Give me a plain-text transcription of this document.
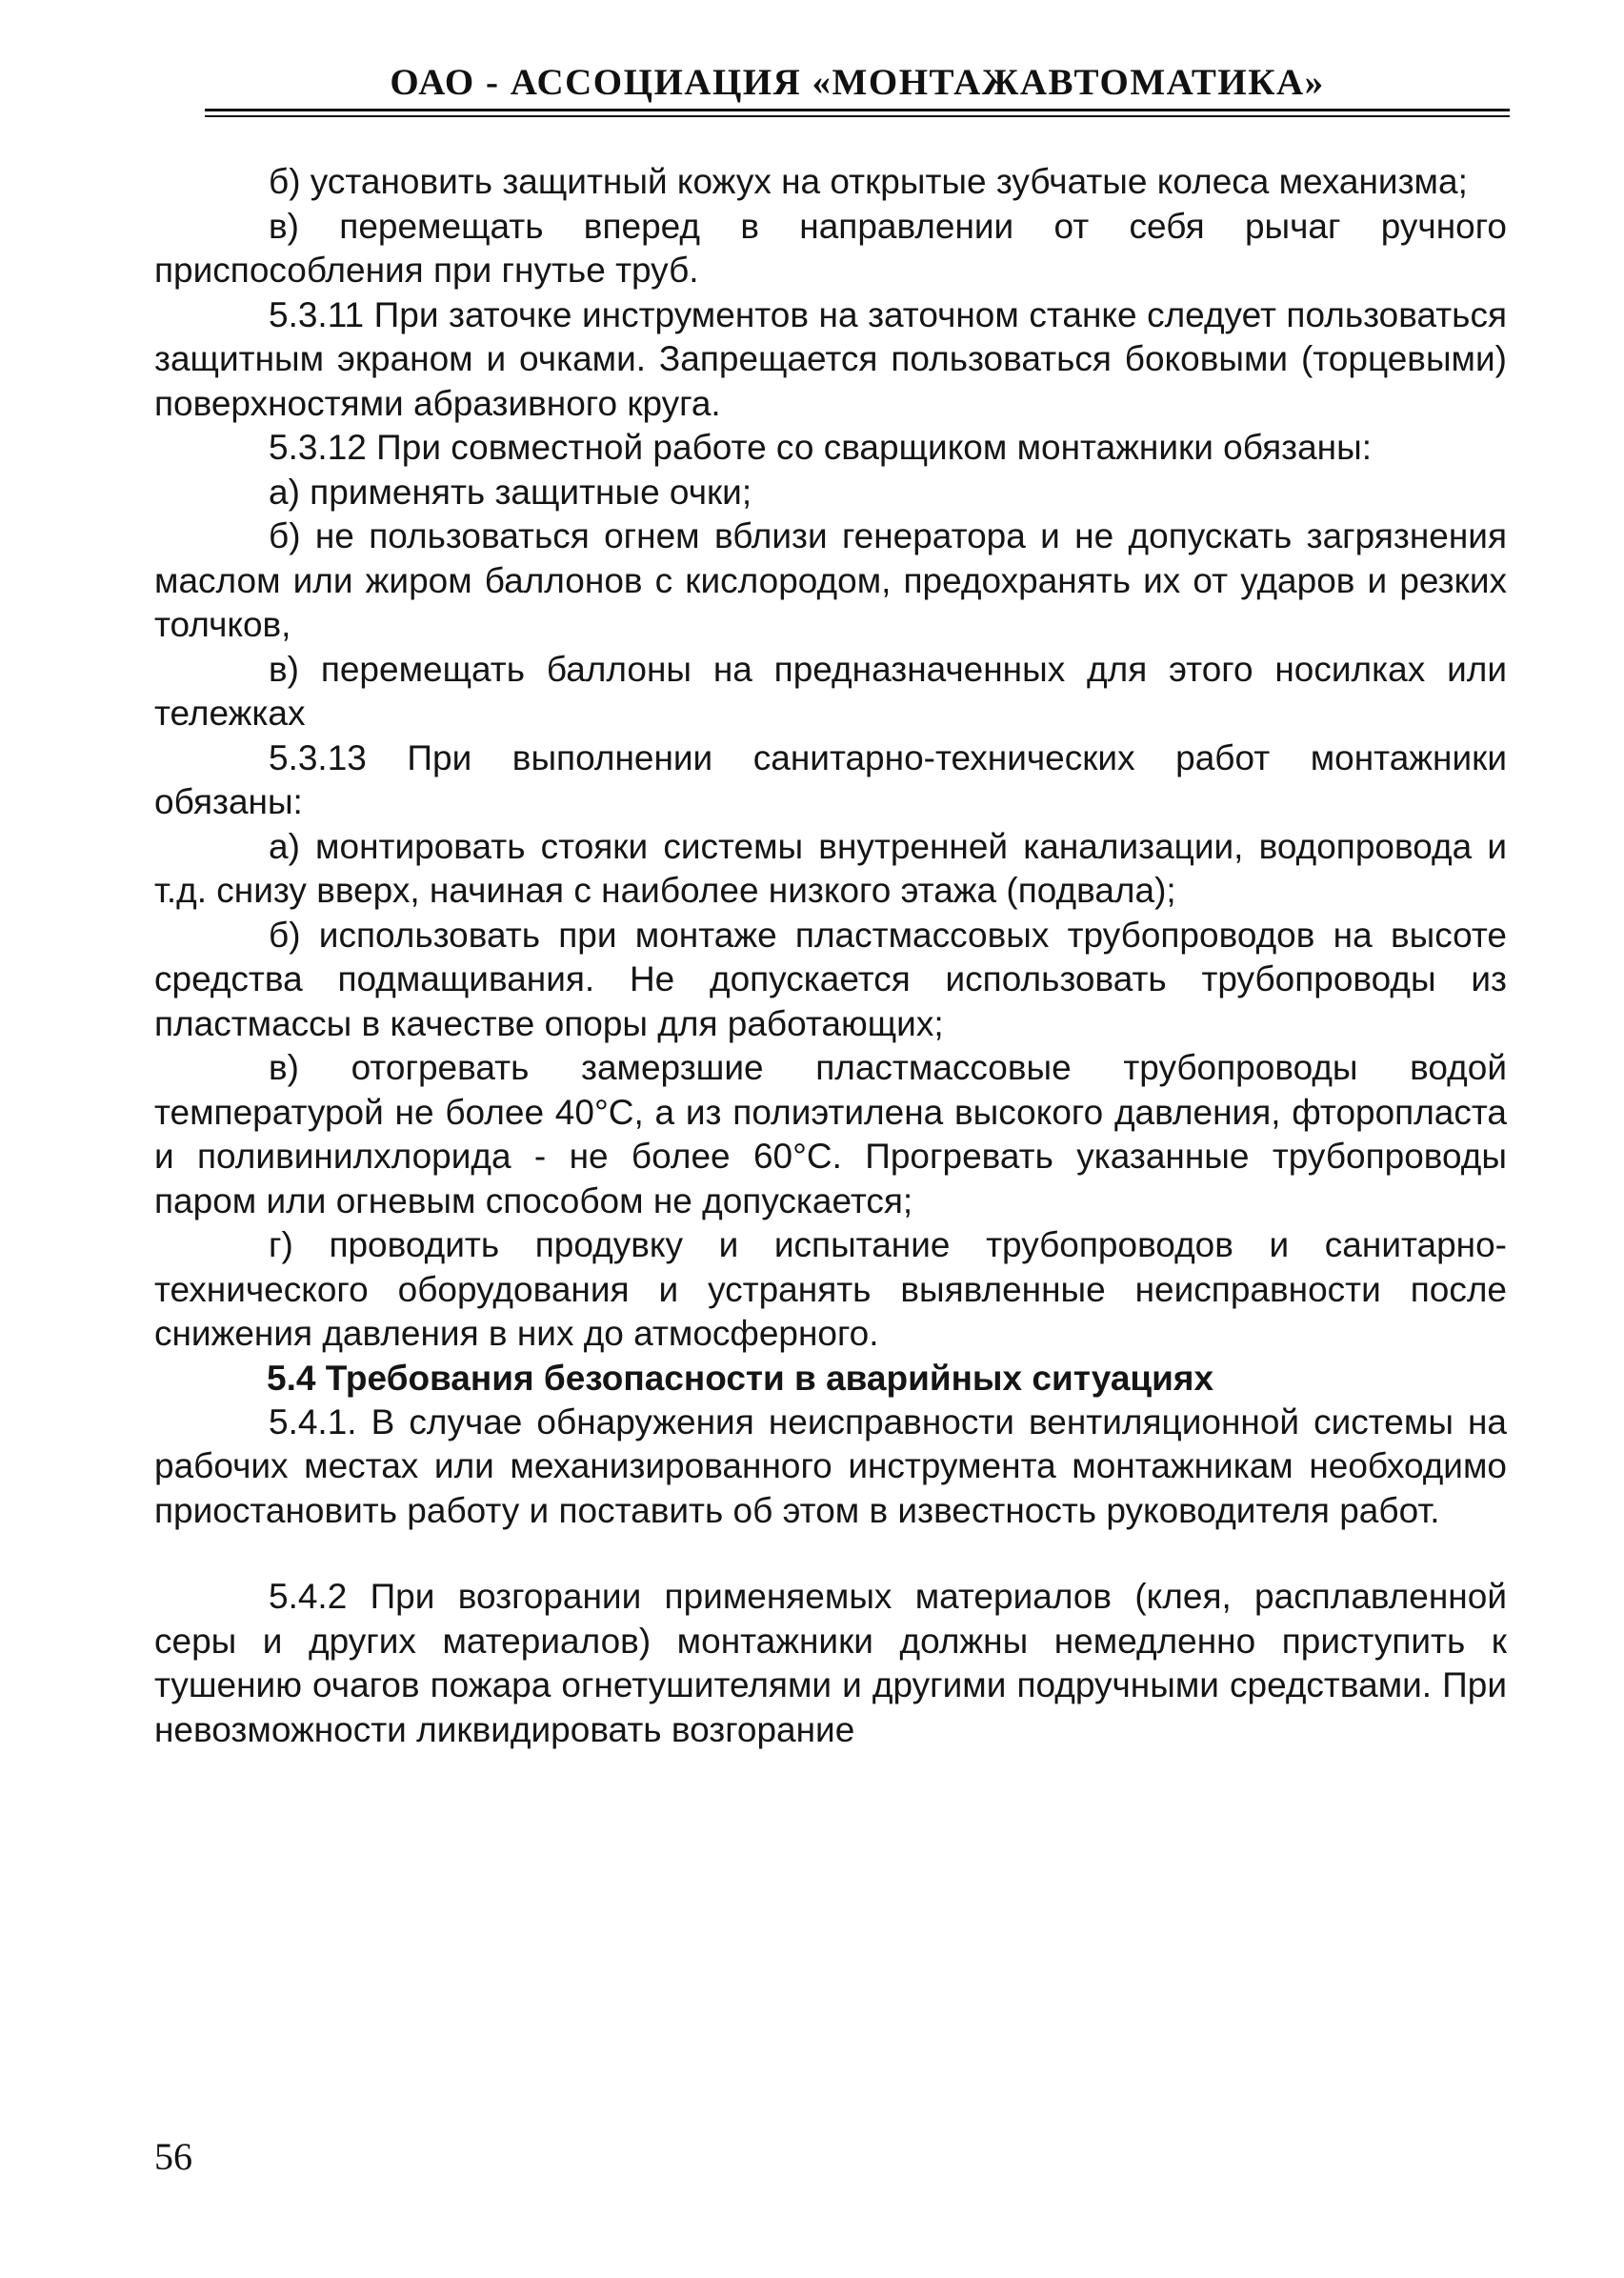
ОАО - АССОЦИАЦИЯ «МОНТАЖАВТОМАТИКА»

б) установить защитный кожух на открытые зубчатые колеса механизма;

в) перемещать вперед в направлении от себя рычаг ручного приспособления при гнутье труб.

5.3.11 При заточке инструментов на заточном станке следует пользоваться защитным экраном и очками. Запрещается пользоваться боковыми (торцевыми) поверхностями абразивного круга.

5.3.12 При совместной работе со сварщиком монтажники обязаны:

а) применять защитные очки;

б) не пользоваться огнем вблизи генератора и не допускать загрязнения маслом или жиром баллонов с кислородом, предохранять их от ударов и резких толчков,

в) перемещать баллоны на предназначенных для этого носилках или тележках

5.3.13 При выполнении санитарно-технических работ монтажники обязаны:

а) монтировать стояки системы внутренней канализации, водопровода и т.д. снизу вверх, начиная с наиболее низкого этажа (подвала);

б) использовать при монтаже пластмассовых трубопроводов на высоте средства подмащивания. Не допускается использовать трубопроводы из пластмассы в качестве опоры для работающих;

в) отогревать замерзшие пластмассовые трубопроводы водой температурой не более 40°С, а из полиэтилена высокого давления, фторопласта и поливинилхлорида - не более 60°С. Прогревать указанные трубопроводы паром или огневым способом не допускается;

г) проводить продувку и испытание трубопроводов и санитарно-технического оборудования и устранять выявленные неисправности после снижения давления в них до атмосферного.

5.4 Требования безопасности в аварийных ситуациях

5.4.1. В случае обнаружения неисправности вентиляционной системы на рабочих местах или механизированного инструмента монтажникам необходимо приостановить работу и поставить об этом в известность руководителя работ.

5.4.2 При возгорании применяемых материалов (клея, расплавленной серы и других материалов) монтажники должны немедленно приступить к тушению очагов пожара огнетушителями и другими подручными средствами. При невозможности ликвидировать возгорание

56
